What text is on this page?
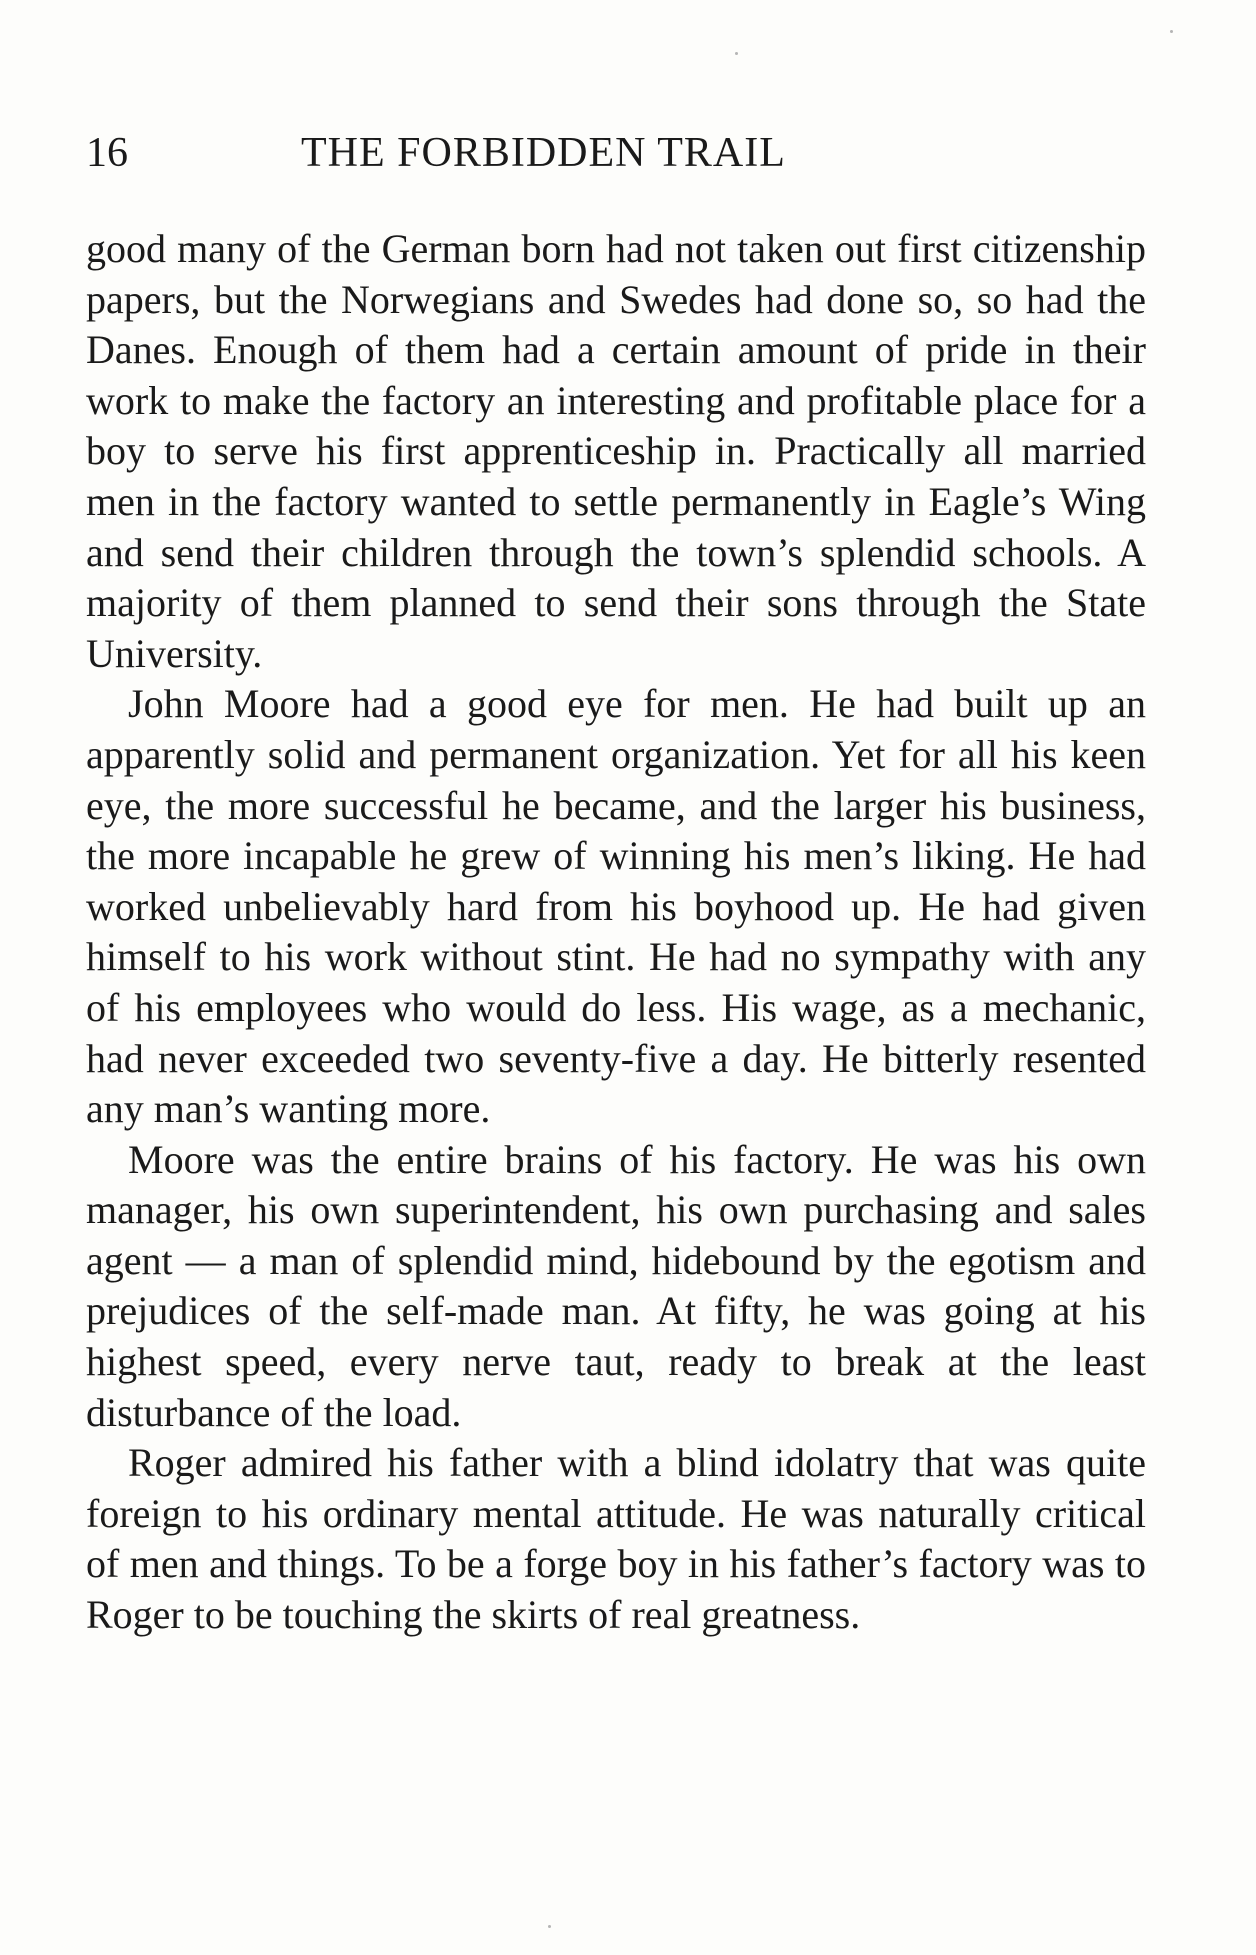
16	THE FORBIDDEN TRAIL

good many of the German born had not taken out first citizenship papers, but the Norwegians and Swedes had done so, so had the Danes. Enough of them had a certain amount of pride in their work to make the factory an interesting and profitable place for a boy to serve his first apprenticeship in. Practically all married men in the factory wanted to settle permanently in Eagle’s Wing and send their children through the town’s splendid schools. A majority of them planned to send their sons through the State University.

John Moore had a good eye for men. He had built up an apparently solid and permanent organization. Yet for all his keen eye, the more successful he became, and the larger his business, the more incapable he grew of winning his men’s liking. He had worked unbelievably hard from his boyhood up. He had given himself to his work without stint. He had no sympathy with any of his employees who would do less. His wage, as a mechanic, had never exceeded two seventy-five a day. He bitterly resented any man’s wanting more.

Moore was the entire brains of his factory. He was his own manager, his own superintendent, his own purchasing and sales agent — a man of splendid mind, hidebound by the egotism and prejudices of the self-made man. At fifty, he was going at his highest speed, every nerve taut, ready to break at the least disturbance of the load.

Roger admired his father with a blind idolatry that was quite foreign to his ordinary mental attitude. He was naturally critical of men and things. To be a forge boy in his father’s factory was to Roger to be touching the skirts of real greatness.
